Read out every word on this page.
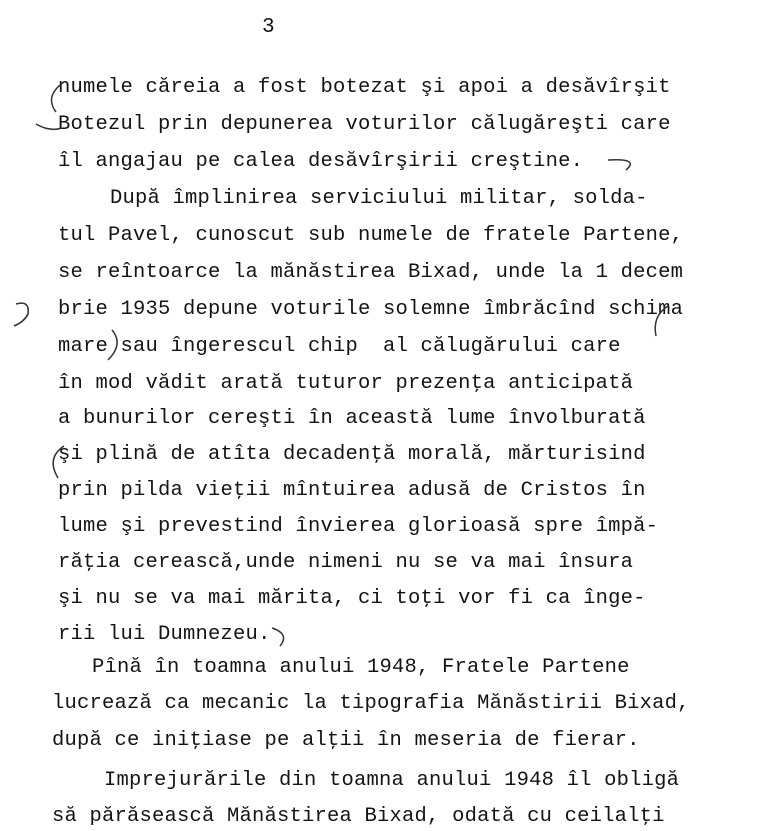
3
numele căreia a fost botezat şi apoi a desăvîrşit
Botezul prin depunerea voturilor călugăreşti care
îl angajau pe calea desăvîrşirii creştine.
După împlinirea serviciului militar, solda-
tul Pavel, cunoscut sub numele de fratele Partene,
se reîntoarce la mănăstirea Bixad, unde la 1 decem
brie 1935 depune voturile solemne îmbrăcînd schima
mare sau îngerescul chip  al călugărului care
în mod vădit arată tuturor prezenţa anticipată
a bunurilor cereşti în această lume învolburată
şi plină de atîta decadenţă morală, mărturisind
prin pilda vieţii mîntuirea adusă de Cristos în
lume şi prevestind învierea glorioasă spre împă-
răţia cerească,unde nimeni nu se va mai însura
şi nu se va mai mărita, ci toţi vor fi ca înge-
rii lui Dumnezeu.
Pînă în toamna anului 1948, Fratele Partene
lucrează ca mecanic la tipografia Mănăstirii Bixad,
după ce iniţiase pe alţii în meseria de fierar.
Imprejurările din toamna anului 1948 îl obligă
să părăsească Mănăstirea Bixad, odată cu ceilalţi
